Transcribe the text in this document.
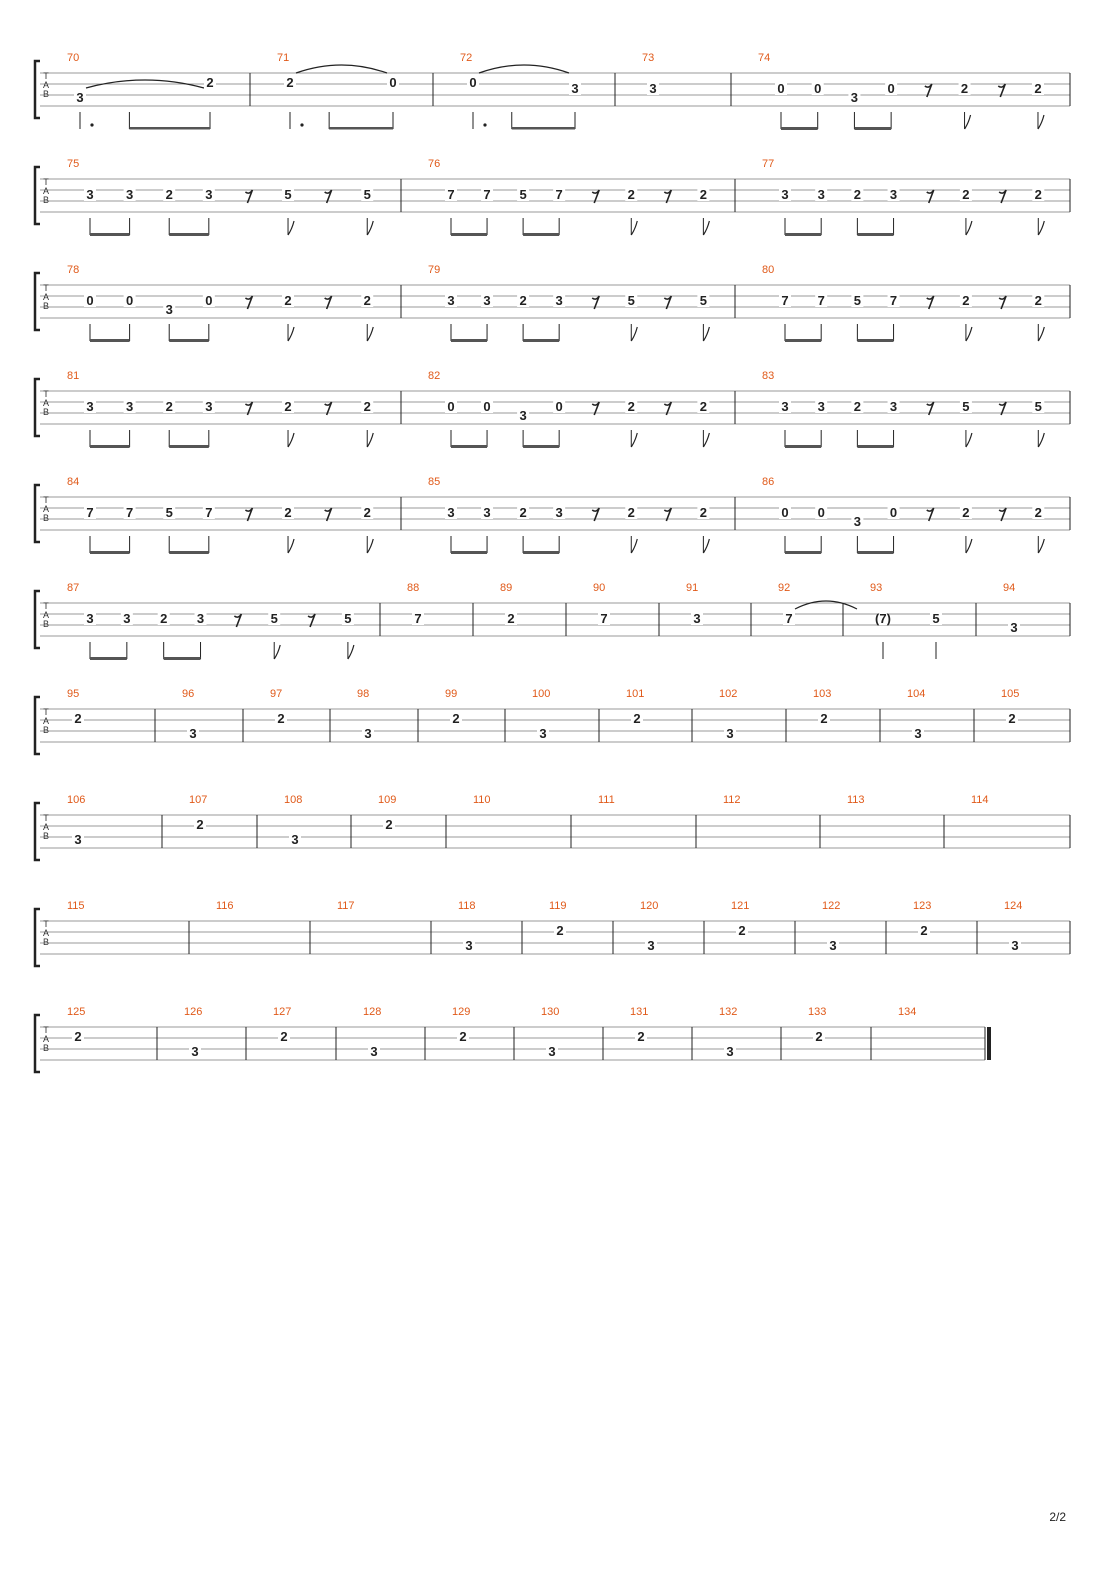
T
A
B
70
3
2
71
2	0
72
0	3
73
3
74
0 0
3
0	2	2
T
A
B
75
3 3 2 3	5	5
76
7 7 5 7	2	2
77
3 3 2 3	2	2
T
A
B
78
0 0
3
0	2	2
79
3 3 2 3	5	5
80
7 7 5 7	2	2
T
A
B
81
3 3 2 3	2	2
82
0 0
3
0	2	2
83
3 3 2 3	5	5
T
A
B
84
7 7 5 7	2	2
85
3 3 2 3	2	2
86
0 0
3
0	2	2
T
A
B
87
3 3 2 3	5	5
88
7
89
2
90
7
91
3
92
7
93
(7)	5
94
3
T
A
B
95
2
96
3
97
2
98
3
99
2
100
3
101
2
102
3
103
2
104
3
105
2
T
A
B
106
3
107
2
108
3
109
2
110	111	112	113	114
T
A
B
115	116	117	118
3
119
2
120
3
121
2
122
3
123
2
124
3
T
A
B
125
2
126
3
127
2
128
3
129
2
130
3
131
2
132
3
133
2
134
2/2
